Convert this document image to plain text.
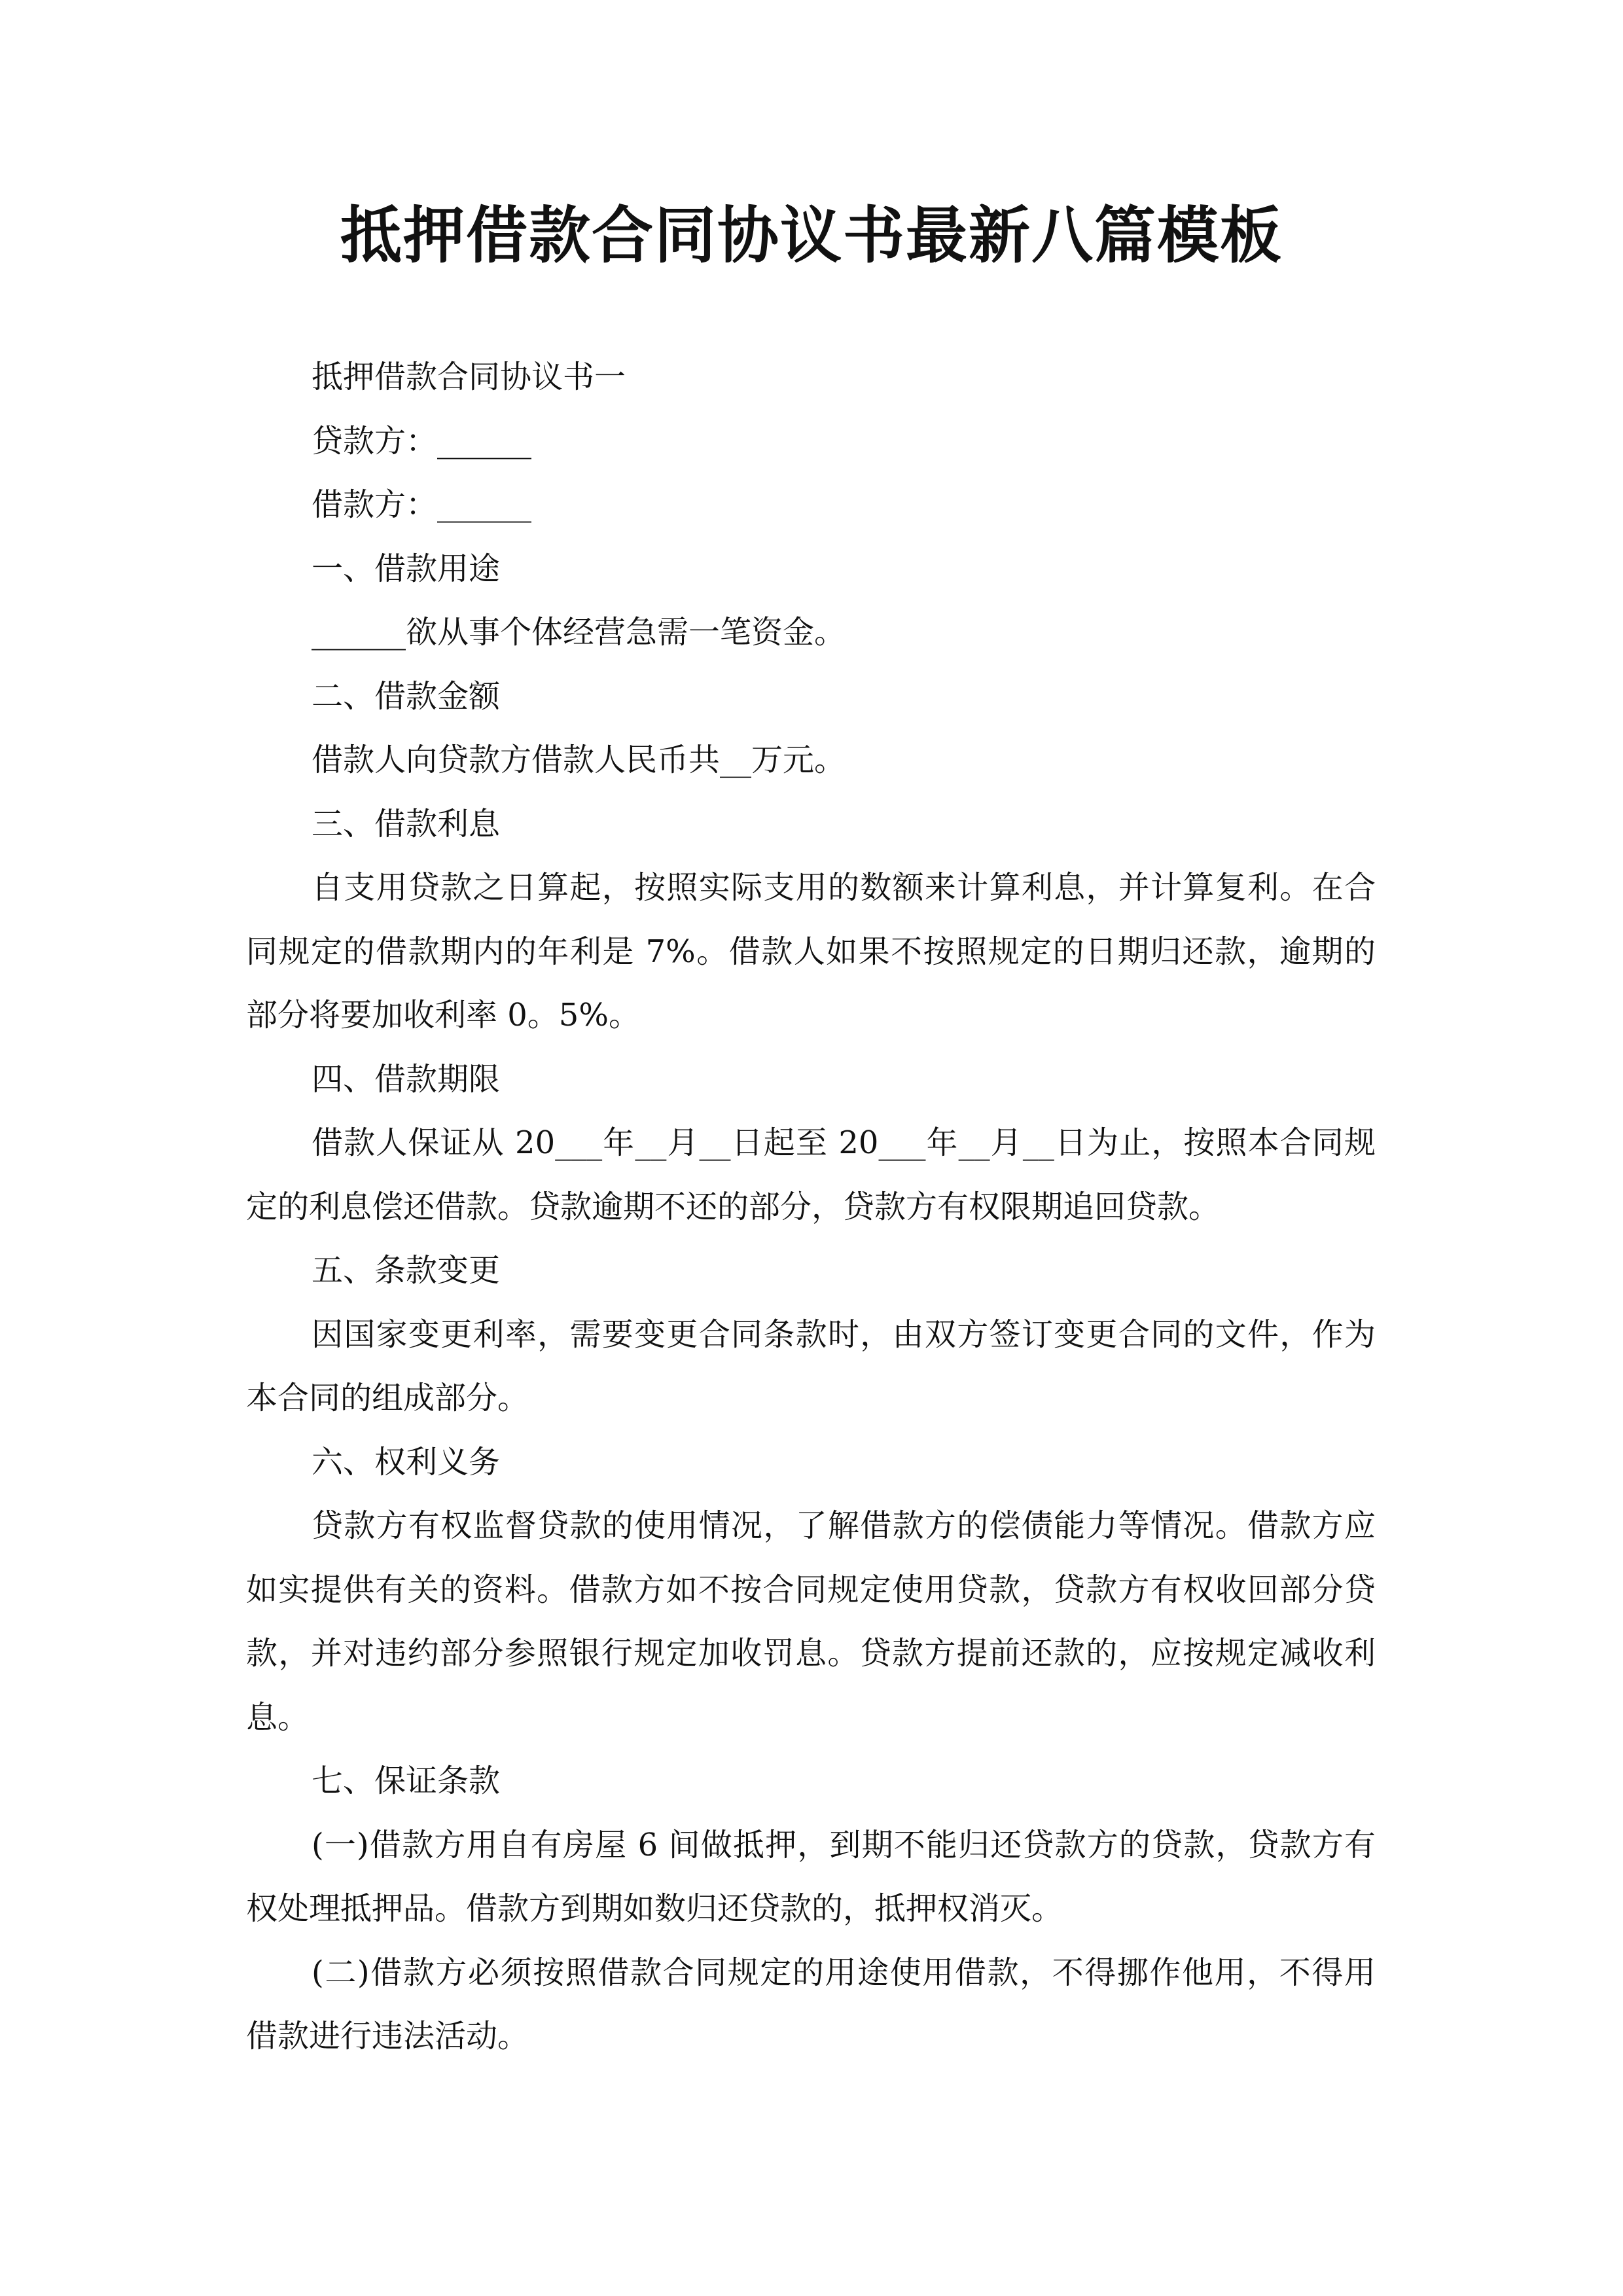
抵押借款合同协议书最新八篇模板
抵押借款合同协议书一
贷款方：______
借款方：______
一、借款用途
______欲从事个体经营急需一笔资金。
二、借款金额
借款人向贷款方借款人民币共__万元。
三、借款利息
自支用贷款之日算起，按照实际支用的数额来计算利息，并计算复利。在合
同规定的借款期内的年利是 7%。借款人如果不按照规定的日期归还款，逾期的
部分将要加收利率 0。5%。
四、借款期限
借款人保证从 20___年__月__日起至 20___年__月__日为止，按照本合同规
定的利息偿还借款。贷款逾期不还的部分，贷款方有权限期追回贷款。
五、条款变更
因国家变更利率，需要变更合同条款时，由双方签订变更合同的文件，作为
本合同的组成部分。
六、权利义务
贷款方有权监督贷款的使用情况，了解借款方的偿债能力等情况。借款方应
如实提供有关的资料。借款方如不按合同规定使用贷款，贷款方有权收回部分贷
款，并对违约部分参照银行规定加收罚息。贷款方提前还款的，应按规定减收利
息。
七、保证条款
(一)借款方用自有房屋 6 间做抵押，到期不能归还贷款方的贷款，贷款方有
权处理抵押品。借款方到期如数归还贷款的，抵押权消灭。
(二)借款方必须按照借款合同规定的用途使用借款，不得挪作他用，不得用
借款进行违法活动。
